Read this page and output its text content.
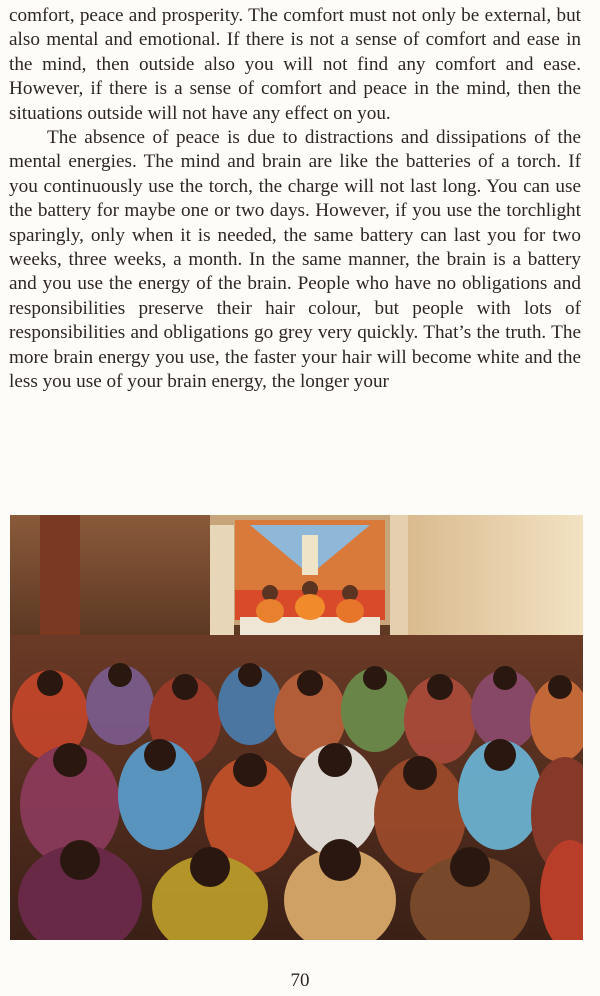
comfort, peace and prosperity. The comfort must not only be external, but also mental and emotional. If there is not a sense of comfort and ease in the mind, then outside also you will not find any comfort and ease. However, if there is a sense of comfort and peace in the mind, then the situations outside will not have any effect on you.

The absence of peace is due to distractions and dissipations of the mental energies. The mind and brain are like the batteries of a torch. If you continuously use the torch, the charge will not last long. You can use the battery for maybe one or two days. However, if you use the torchlight sparingly, only when it is needed, the same battery can last you for two weeks, three weeks, a month. In the same manner, the brain is a battery and you use the energy of the brain. People who have no obligations and responsibilities preserve their hair colour, but people with lots of responsibilities and obligations go grey very quickly. That’s the truth. The more brain energy you use, the faster your hair will become white and the less you use of your brain energy, the longer your

70
